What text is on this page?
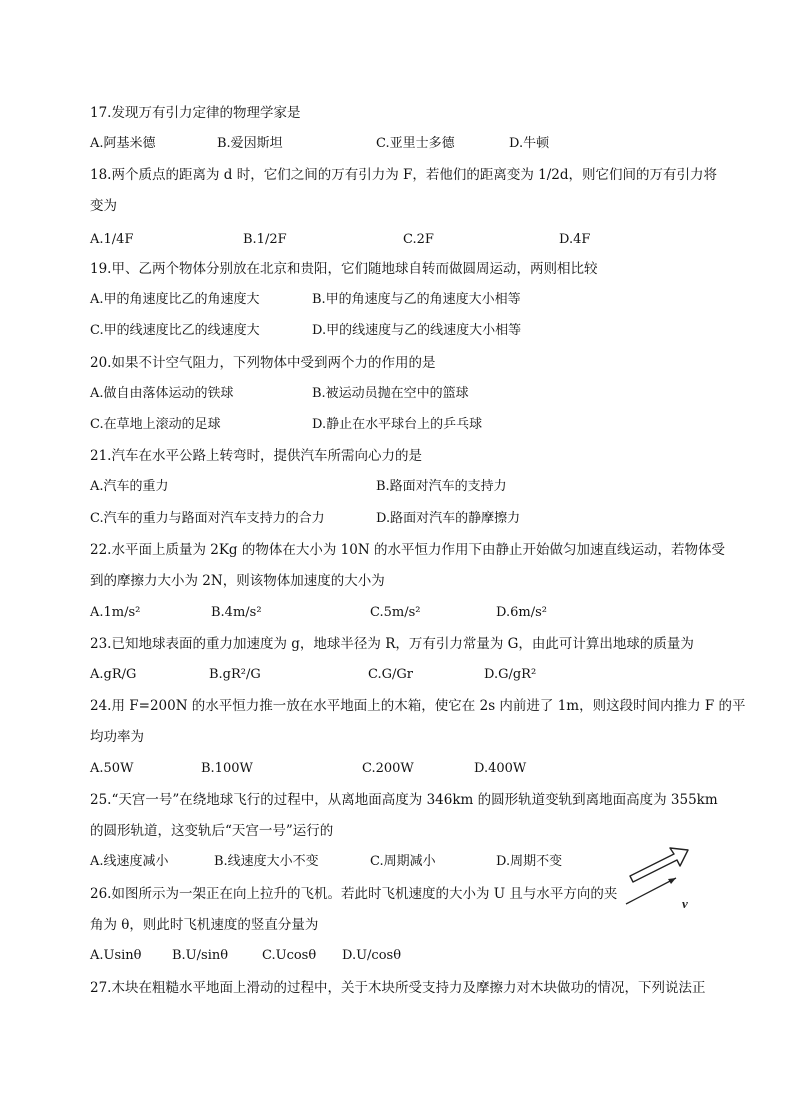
17.发现万有引力定律的物理学家是
A.阿基米德	B.爱因斯坦	C.亚里士多德	D.牛顿
18.两个质点的距离为 d 时，它们之间的万有引力为 F，若他们的距离变为 1/2d，则它们间的万有引力将
变为
A.1/4F	B.1/2F	C.2F	D.4F
19.甲、乙两个物体分别放在北京和贵阳，它们随地球自转而做圆周运动，两则相比较
A.甲的角速度比乙的角速度大	B.甲的角速度与乙的角速度大小相等
C.甲的线速度比乙的线速度大	D.甲的线速度与乙的线速度大小相等
20.如果不计空气阻力，下列物体中受到两个力的作用的是
A.做自由落体运动的铁球	B.被运动员抛在空中的篮球
C.在草地上滚动的足球	D.静止在水平球台上的乒乓球
21.汽车在水平公路上转弯时，提供汽车所需向心力的是
A.汽车的重力	B.路面对汽车的支持力
C.汽车的重力与路面对汽车支持力的合力	D.路面对汽车的静摩擦力
22.水平面上质量为 2Kg 的物体在大小为 10N 的水平恒力作用下由静止开始做匀加速直线运动，若物体受
到的摩擦力大小为 2N，则该物体加速度的大小为
A.1m/s²	B.4m/s²	C.5m/s²	D.6m/s²
23.已知地球表面的重力加速度为 g，地球半径为 R，万有引力常量为 G，由此可计算出地球的质量为
A.gR/G	B.gR²/G	C.G/Gr	D.G/gR²
24.用 F=200N 的水平恒力推一放在水平地面上的木箱，使它在 2s 内前进了 1m，则这段时间内推力 F 的平
均功率为
A.50W	B.100W	C.200W	D.400W
25.“天宫一号”在绕地球飞行的过程中，从离地面高度为 346km 的圆形轨道变轨到离地面高度为 355km
的圆形轨道，这变轨后“天宫一号”运行的
A.线速度减小	B.线速度大小不变	C.周期减小	D.周期不变
v
26.如图所示为一架正在向上拉升的飞机。若此时飞机速度的大小为 U 且与水平方向的夹
角为 θ，则此时飞机速度的竖直分量为
A.Usinθ B.U/sinθ	C.Ucosθ D.U/cosθ
27.木块在粗糙水平地面上滑动的过程中，关于木块所受支持力及摩擦力对木块做功的情况，下列说法正
